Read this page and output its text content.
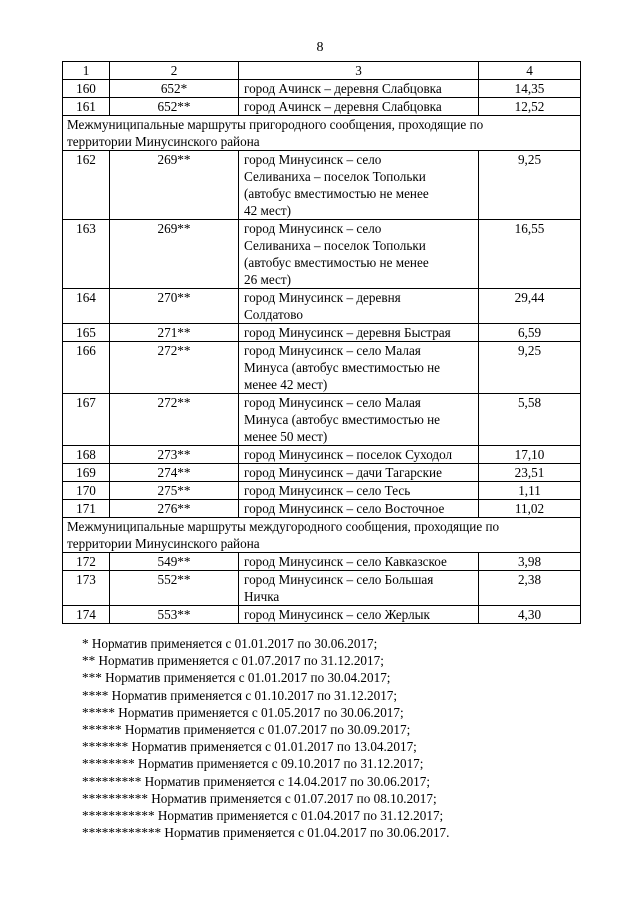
8
1	2	3	4
160	652*	город Ачинск – деревня Слабцовка	14,35
161	652**	город Ачинск – деревня Слабцовка	12,52

Межмуниципальные маршруты пригородного сообщения, проходящие по
территории Минусинского района			

162	269**	город Минусинск – село
Селиваниха – поселок Топольки
(автобус вместимостью не менее
42 мест)	9,25
163	269**	город Минусинск – село
Селиваниха – поселок Топольки
(автобус вместимостью не менее
26 мест)	16,55
164	270**	город Минусинск – деревня
Солдатово	29,44
165	271**	город Минусинск – деревня Быстрая	6,59
166	272**	город Минусинск – село Малая
Минуса (автобус вместимостью не
менее 42 мест)	9,25
167	272**	город Минусинск – село Малая
Минуса (автобус вместимостью не
менее 50 мест)	5,58
168	273**	город Минусинск – поселок Суходол	17,10
169	274**	город Минусинск – дачи Тагарские	23,51
170	275**	город Минусинск – село Тесь	1,11
171	276**	город Минусинск – село Восточное	11,02

Межмуниципальные маршруты междугородного сообщения, проходящие по
территории Минусинского района			

172	549**	город Минусинск – село Кавказское	3,98
173	552**	город Минусинск – село Большая
Ничка	2,38
174	553**	город Минусинск – село Жерлык	4,30
* Норматив применяется с 01.01.2017 по 30.06.2017;
** Норматив применяется с 01.07.2017 по 31.12.2017;
*** Норматив применяется с 01.01.2017 по 30.04.2017;
**** Норматив применяется с 01.10.2017 по 31.12.2017;
***** Норматив применяется с 01.05.2017 по 30.06.2017;
****** Норматив применяется с 01.07.2017 по 30.09.2017;
******* Норматив применяется с 01.01.2017 по 13.04.2017;
******** Норматив применяется с 09.10.2017 по 31.12.2017;
********* Норматив применяется с 14.04.2017 по 30.06.2017;
********** Норматив применяется с 01.07.2017 по 08.10.2017;
*********** Норматив применяется с 01.04.2017 по 31.12.2017;
************ Норматив применяется с 01.04.2017 по 30.06.2017.
